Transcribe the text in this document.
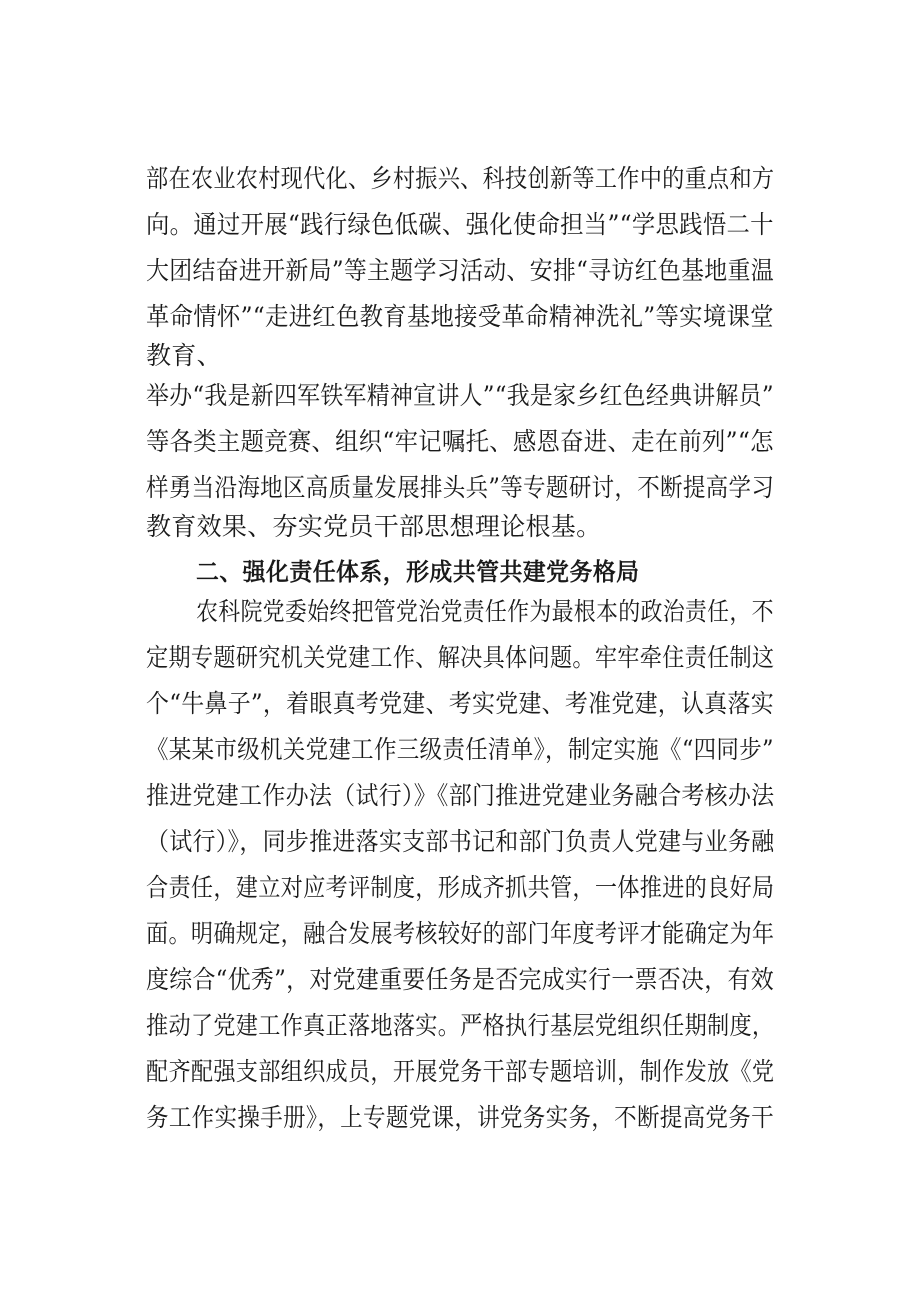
部在农业农村现代化、乡村振兴、科技创新等工作中的重点和方
向。通过开展“践行绿色低碳、强化使命担当”“学思践悟二十
大团结奋进开新局”等主题学习活动、安排“寻访红色基地重温
革命情怀”“走进红色教育基地接受革命精神洗礼”等实境课堂
教育、
举办“我是新四军铁军精神宣讲人”“我是家乡红色经典讲解员”
等各类主题竞赛、组织“牢记嘱托、感恩奋进、走在前列”“怎
样勇当沿海地区高质量发展排头兵”等专题研讨，不断提高学习
教育效果、夯实党员干部思想理论根基。
二、强化责任体系，形成共管共建党务格局
农科院党委始终把管党治党责任作为最根本的政治责任，不
定期专题研究机关党建工作、解决具体问题。牢牢牵住责任制这
个“牛鼻子”，着眼真考党建、考实党建、考准党建，认真落实
《某某市级机关党建工作三级责任清单》，制定实施《“四同步”
推进党建工作办法（试行）》《部门推进党建业务融合考核办法
（试行）》，同步推进落实支部书记和部门负责人党建与业务融
合责任，建立对应考评制度，形成齐抓共管，一体推进的良好局
面。明确规定，融合发展考核较好的部门年度考评才能确定为年
度综合“优秀”，对党建重要任务是否完成实行一票否决，有效
推动了党建工作真正落地落实。严格执行基层党组织任期制度，
配齐配强支部组织成员，开展党务干部专题培训，制作发放《党
务工作实操手册》，上专题党课，讲党务实务，不断提高党务干
